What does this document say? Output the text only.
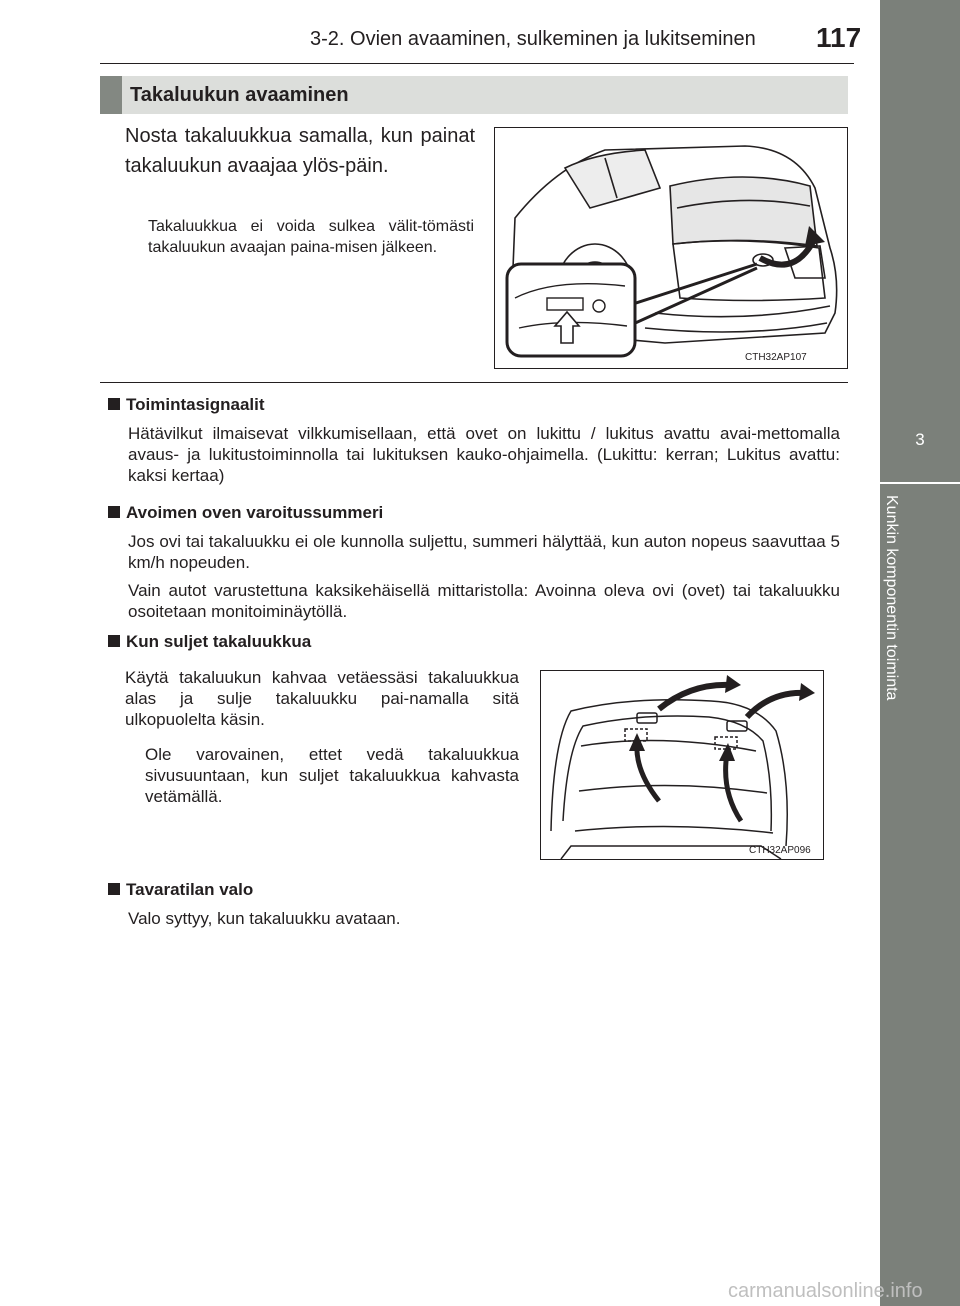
3-2. Ovien avaaminen, sulkeminen ja lukitseminen 117
3
Kunkin komponentin toiminta
Takaluukun avaaminen
Nosta takaluukkua samalla, kun painat takaluukun avaajaa ylös-päin.
Takaluukkua ei voida sulkea välit-tömästi takaluukun avaajan paina-misen jälkeen.
CTH32AP107
Toimintasignaalit
Hätävilkut ilmaisevat vilkkumisellaan, että ovet on lukittu / lukitus avattu avai-mettomalla avaus- ja lukitustoiminnolla tai lukituksen kauko-ohjaimella. (Lukittu: kerran; Lukitus avattu: kaksi kertaa)
Avoimen oven varoitussummeri
Jos ovi tai takaluukku ei ole kunnolla suljettu, summeri hälyttää, kun auton nopeus saavuttaa 5 km/h nopeuden.
Vain autot varustettuna kaksikehäisellä mittaristolla: Avoinna oleva ovi (ovet) tai takaluukku osoitetaan monitoiminäytöllä.
Kun suljet takaluukkua
Käytä takaluukun kahvaa vetäessäsi takaluukkua alas ja sulje takaluukku pai-namalla sitä ulkopuolelta käsin.
Ole varovainen, ettet vedä takaluukkua sivusuuntaan, kun suljet takaluukkua kahvasta vetämällä.
CTH32AP096
Tavaratilan valo
Valo syttyy, kun takaluukku avataan.
carmanualsonline.info
